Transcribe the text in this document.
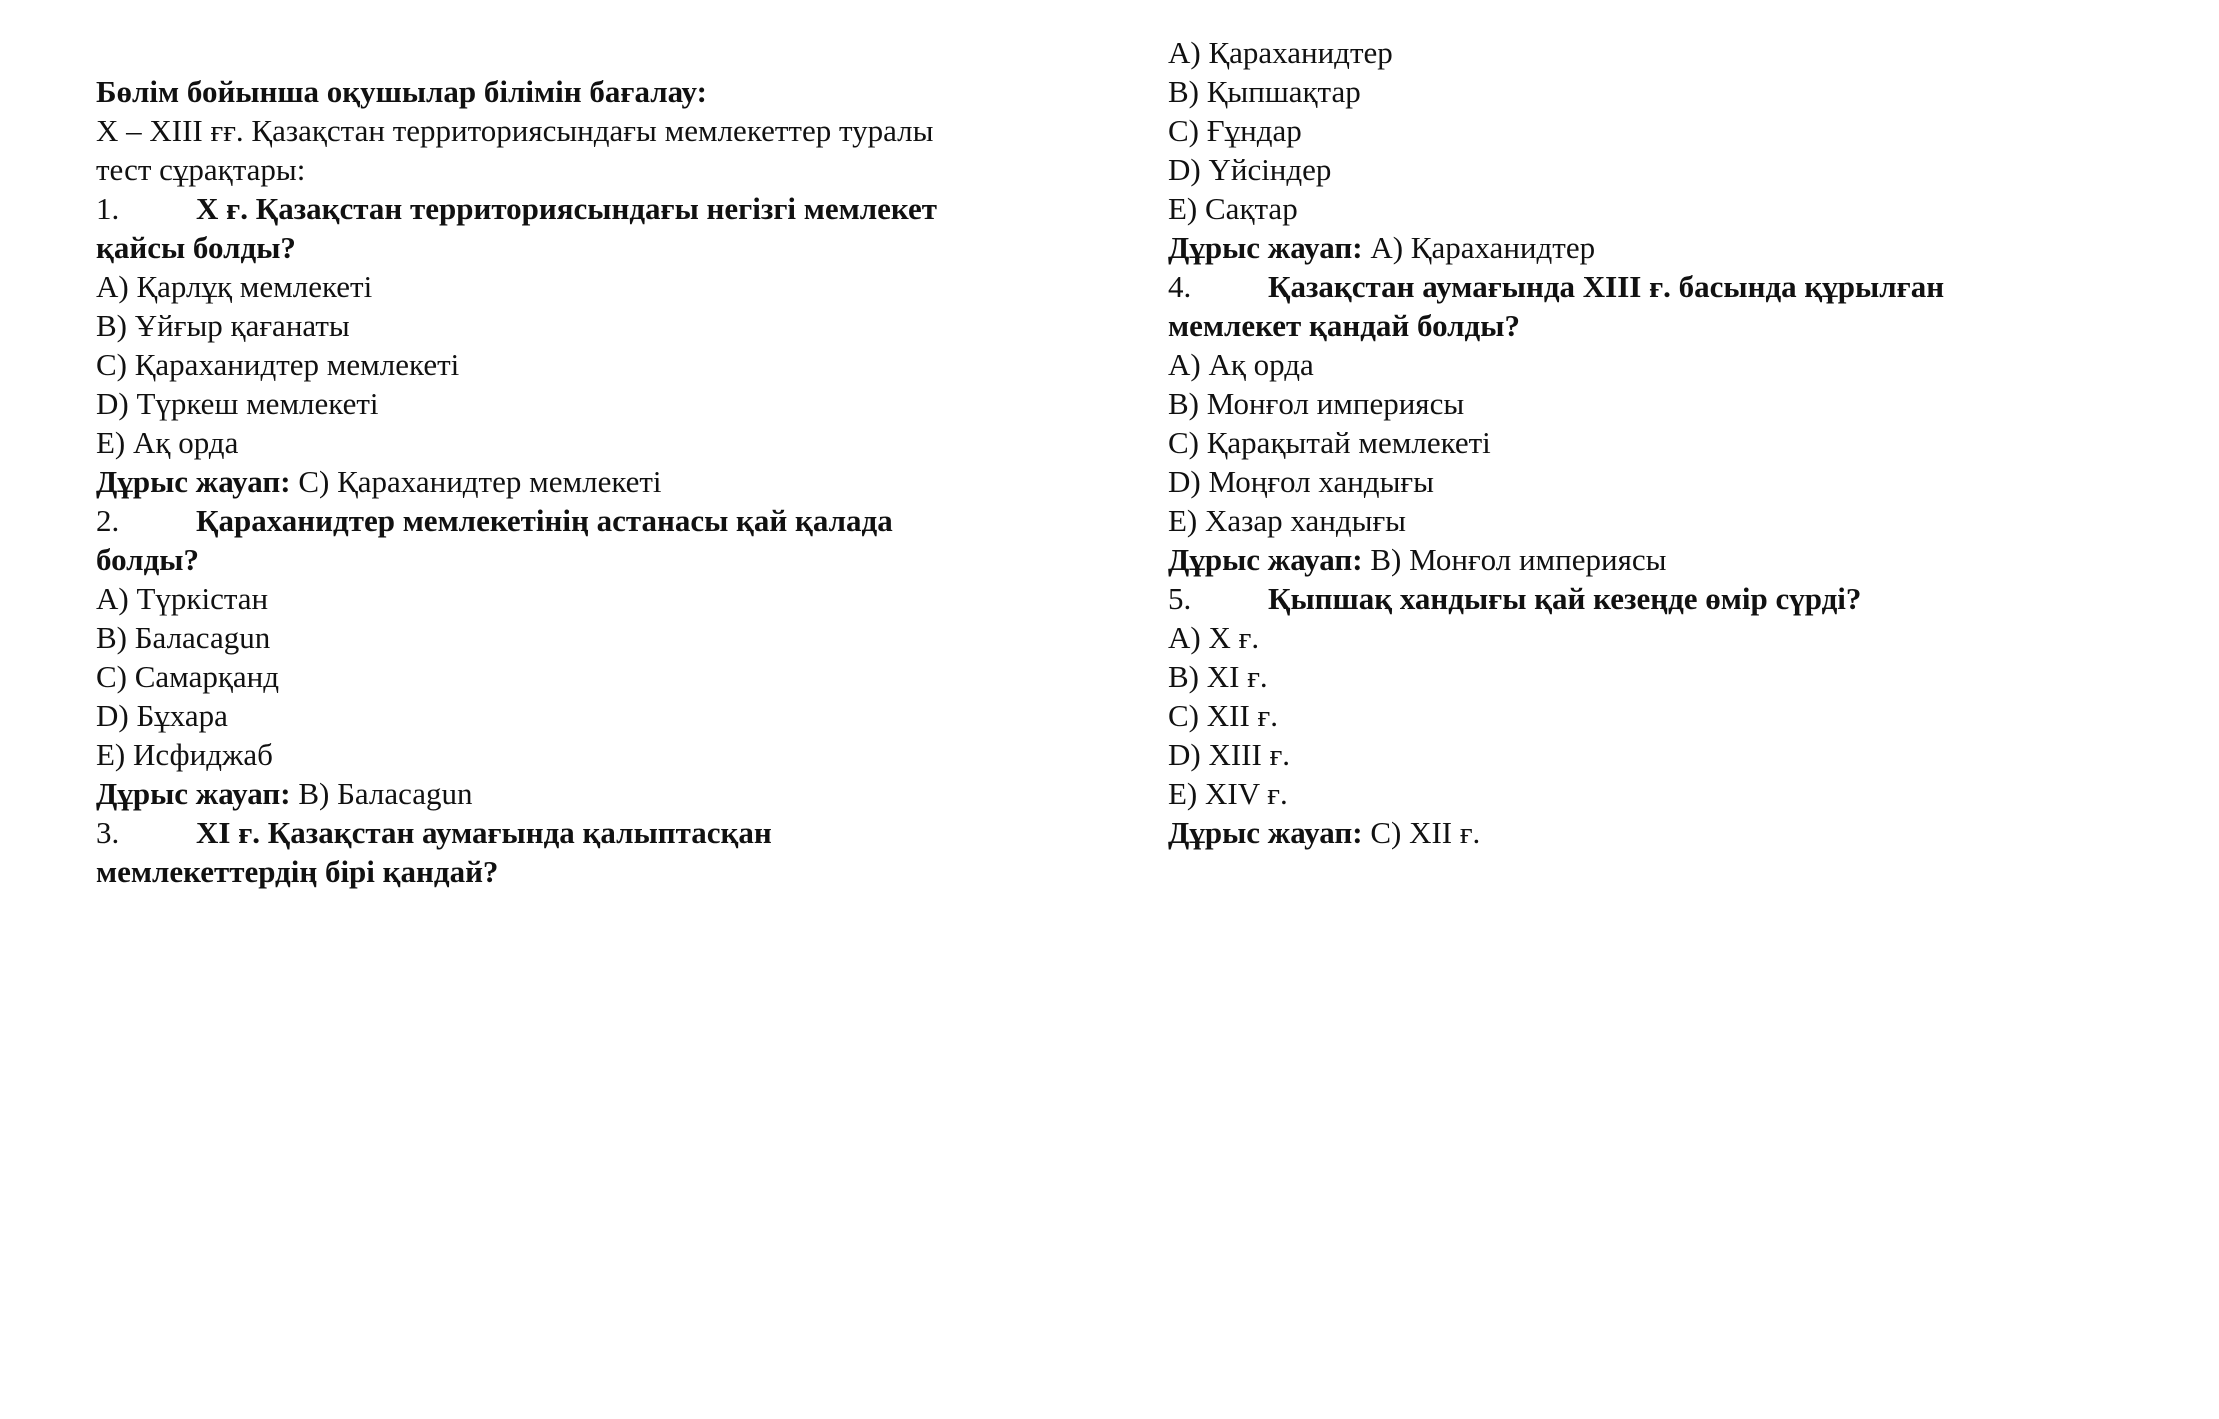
Бөлім бойынша оқушылар білімін бағалау:
X – XIII ғғ. Қазақстан территориясындағы мемлекеттер туралы
тест сұрақтары:
1. X ғ. Қазақстан территориясындағы негізгі мемлекет
қайсы болды?
A) Қарлұқ мемлекеті
B) Ұйғыр қағанаты
C) Қараханидтер мемлекеті
D) Түркеш мемлекеті
E) Ақ орда
Дұрыс жауап: C) Қараханидтер мемлекеті
2. Қараханидтер мемлекетінің астанасы қай қалада
болды?
A) Түркістан
B) Баласаgun
C) Самарқанд
D) Бұхара
E) Исфиджаб
Дұрыс жауап: B) Баласаgun
3. XI ғ. Қазақстан аумағында қалыптасқан
мемлекеттердің бірі қандай?
A) Қараханидтер
B) Қыпшақтар
C) Ғұндар
D) Үйсіндер
E) Сақтар
Дұрыс жауап: A) Қараханидтер
4. Қазақстан аумағында XIII ғ. басында құрылған
мемлекет қандай болды?
A) Ақ орда
B) Монғол империясы
C) Қарақытай мемлекеті
D) Моңғол хандығы
E) Хазар хандығы
Дұрыс жауап: B) Монғол империясы
5. Қыпшақ хандығы қай кезеңде өмір сүрді?
A) X ғ.
B) XI ғ.
C) XII ғ.
D) XIII ғ.
E) XIV ғ.
Дұрыс жауап: C) XII ғ.
